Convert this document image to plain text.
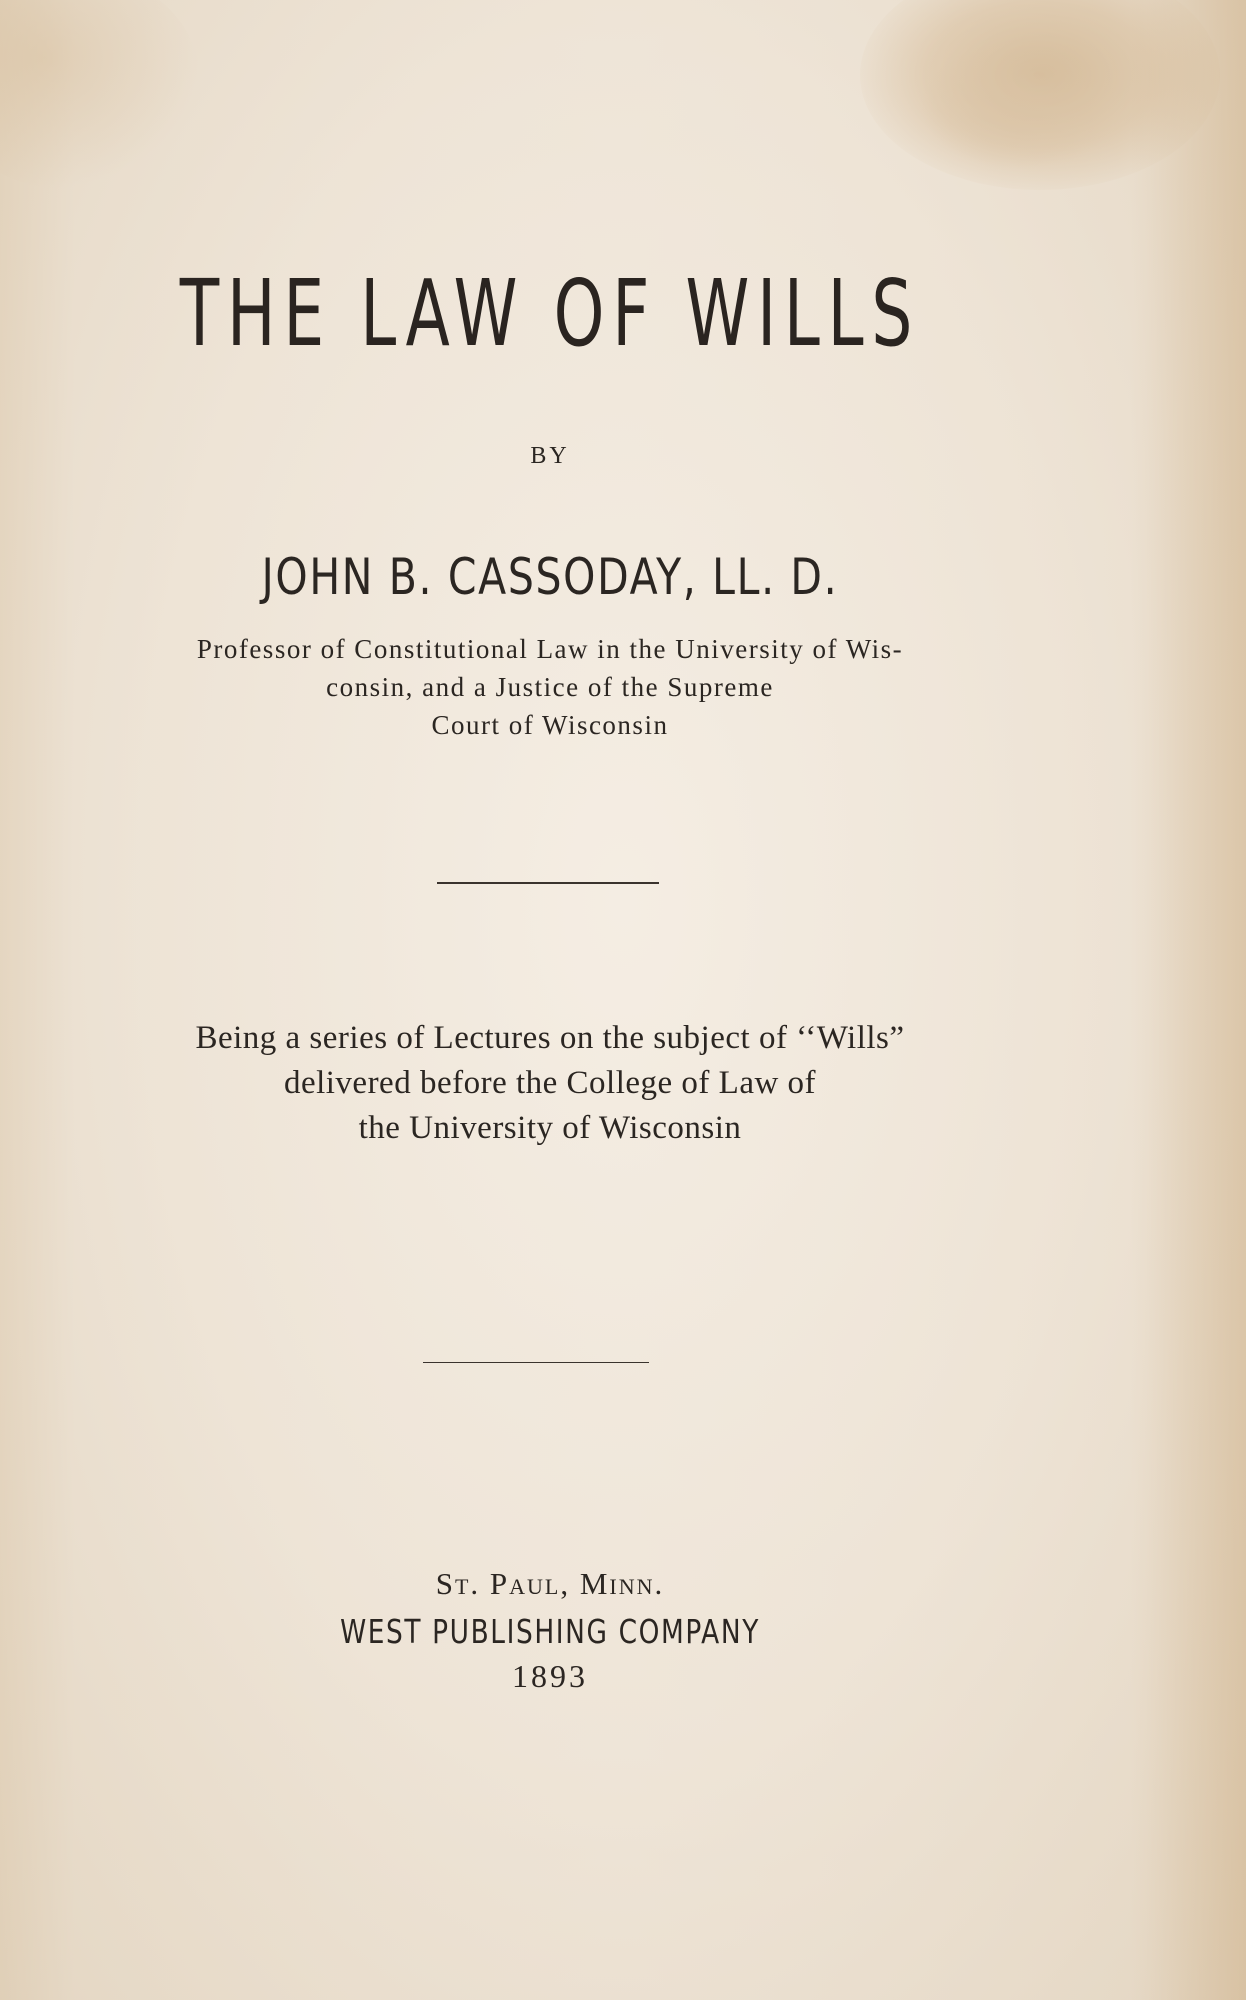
THE LAW OF WILLS
BY
JOHN B. CASSODAY, LL. D.
Professor of Constitutional Law in the University of Wis-
consin, and a Justice of the Supreme
Court of Wisconsin
Being a series of Lectures on the subject of ‘‘Wills”
delivered before the College of Law of
the University of Wisconsin
St. Paul, Minn.
WEST PUBLISHING COMPANY
1893
